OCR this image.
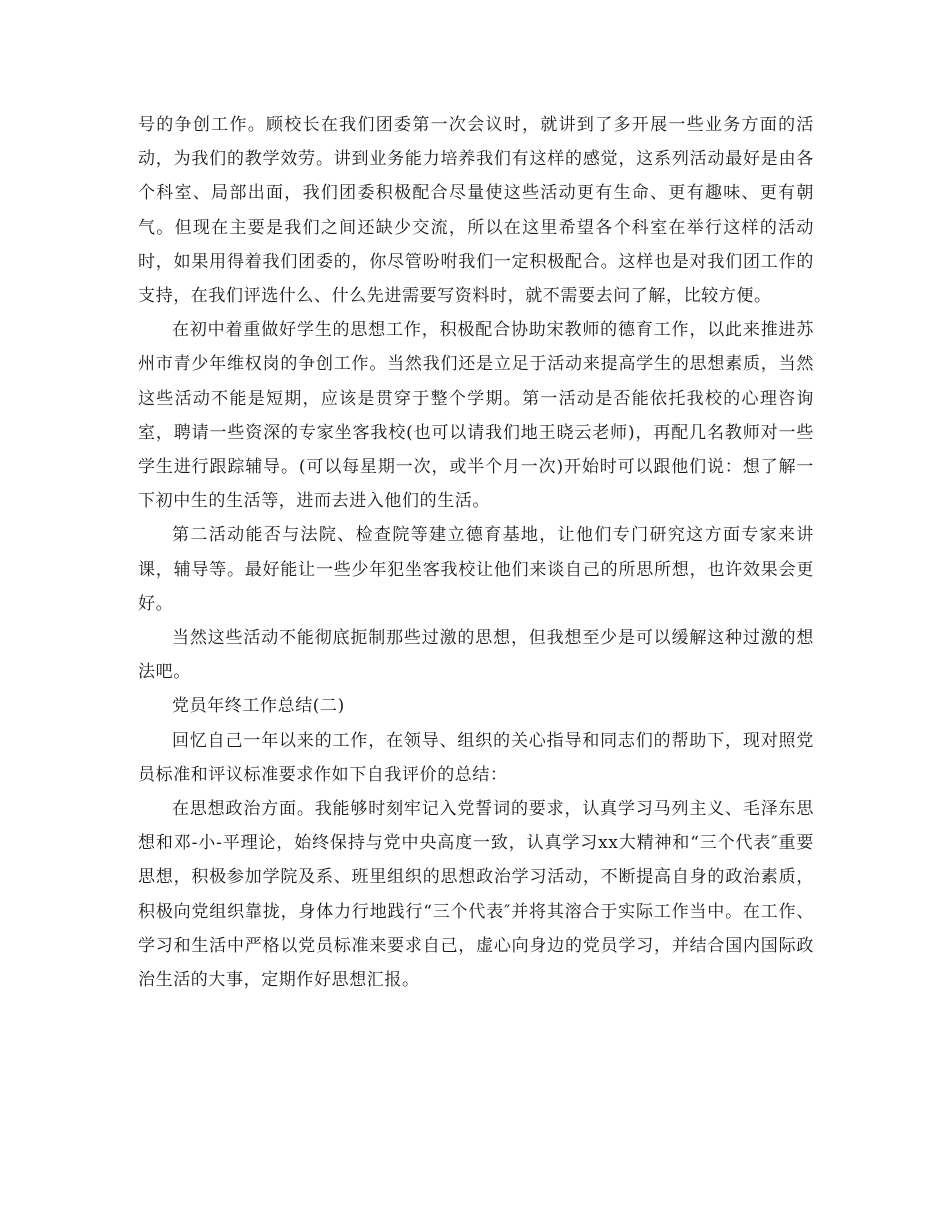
号的争创工作。顾校长在我们团委第一次会议时，就讲到了多开展一些业务方面的活动，为我们的教学效劳。讲到业务能力培养我们有这样的感觉，这系列活动最好是由各个科室、局部出面，我们团委积极配合尽量使这些活动更有生命、更有趣味、更有朝气。但现在主要是我们之间还缺少交流，所以在这里希望各个科室在举行这样的活动时，如果用得着我们团委的，你尽管吩咐我们一定积极配合。这样也是对我们团工作的支持，在我们评选什么、什么先进需要写资料时，就不需要去问了解，比较方便。

在初中着重做好学生的思想工作，积极配合协助宋教师的德育工作，以此来推进苏州市青少年维权岗的争创工作。当然我们还是立足于活动来提高学生的思想素质，当然这些活动不能是短期，应该是贯穿于整个学期。第一活动是否能依托我校的心理咨询室，聘请一些资深的专家坐客我校(也可以请我们地王晓云老师)，再配几名教师对一些学生进行跟踪辅导。(可以每星期一次，或半个月一次)开始时可以跟他们说：想了解一下初中生的生活等，进而去进入他们的生活。

第二活动能否与法院、检查院等建立德育基地，让他们专门研究这方面专家来讲课，辅导等。最好能让一些少年犯坐客我校让他们来谈自己的所思所想，也许效果会更好。

当然这些活动不能彻底扼制那些过激的思想，但我想至少是可以缓解这种过激的想法吧。

党员年终工作总结(二)

回忆自己一年以来的工作，在领导、组织的关心指导和同志们的帮助下，现对照党员标准和评议标准要求作如下自我评价的总结：

在思想政治方面。我能够时刻牢记入党誓词的要求，认真学习马列主义、毛泽东思想和邓-小-平理论，始终保持与党中央高度一致，认真学习xx大精神和“三个代表″重要思想，积极参加学院及系、班里组织的思想政治学习活动，不断提高自身的政治素质，积极向党组织靠拢，身体力行地践行“三个代表″并将其溶合于实际工作当中。在工作、学习和生活中严格以党员标准来要求自己，虚心向身边的党员学习，并结合国内国际政治生活的大事，定期作好思想汇报。
